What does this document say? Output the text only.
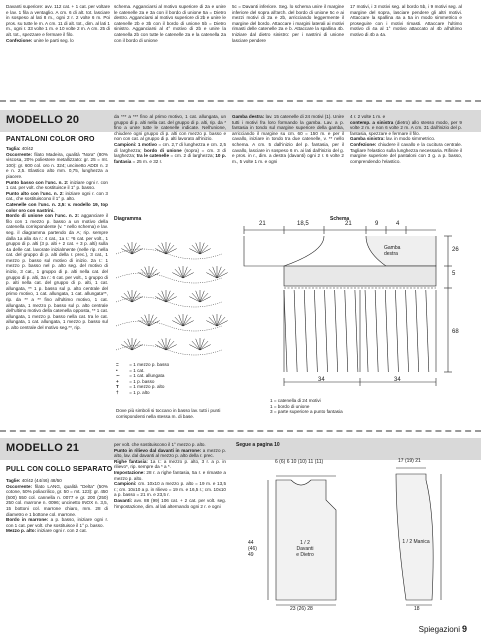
Davanti superiore: avv. 112 cat. + 1 cat. per voltare e lav. 1 fila a ventaglio. A cm. 6 di alt. tot. lasciare in sospeso al lati 8 m., ogni 2 r. 2 volte 6 m. Poi pros. su tutte le m. A cm. 11 di alt. tot., dim. al lati 1 m., ogni r. 33 volte 1 m. e 10 volte 2 m. A cm. 25 di alt. tot., spezzare e fermare il filo.
Confezione: unire le parti seg. lo
schema. Agganciarsi al motivo superiore di 2a e unire le catenelle 2a e 3a con il bordo di unione 5a = Dietro destro. Agganciarsi al motivo superiore di 2b e unire le catenelle 2b e 3b con il bordo di unione 5b = Dietro sinistro. Agganciarsi al 4° motivo di 2b e unire la catenella 2b con tutte le catenelle 2a e la catenella 2a con il bordo di unione
5c = Davanti inferiore. Seg. lo schema unire il margine inferiore del sopra all'arch. del bordo di unione 5c e ai mezzi motivi di 2a e 2b, arricciando leggermente il margine del bordo. Attaccare i margini laterali ai motivi rimasti delle catenelle 2a e b. Attaccare la spallina 4b. Iniziare dal dietro sinistro: per i nastrini di unione lasciare pendere
17 motivi, i 3 motivi seg. al bordo 5b, i 9 motivi seg. al margine del sopra, lasciare pendere gli altri motivi. Attaccare la spallina 4a a 5a in modo simmetrico e proseguire con i motivi rimasti. Attaccare l'ultimo motivo di 4a al 1° motivo attaccato al 4b all'ultimo motivo di 4b a 4a.
MODELLO 20
PANTALONI COLOR ORO
Taglia: 40/42
Occorrente: filato Madeira, qualità "Nora" (80% viscosa, 20% poliestere metallizzato: gr. 25 = mt. 100): gr. 600 col. oro n. 324; uncinetto ADDI n. 2 e n. 2,5. Elastico alto mm. 0,75, lunghezza a piacere.
Punto basso con l'unc. n. 2: iniziare ogni r. con 1 cat. per volt. che sostituisce il 1° p. basso.
Punto alto con l'unc. n. 2: iniziare ogni r. con 3 cat., che sostituiscono il 1° p. alto.
Catenelle con l'unc. n. 2,5: v. modello 19, top color oro con nastrini.
Bordo di unione con l'unc. n. 2: agganciare il filo con 1 mezzo p. basso a un motivo della catenella corrispondente (v. " nello schema) e lav. seg. il diagramma partendo da A; rip. sempre dalla 1a alla 4a r.: 4 cat., 1a r.: *6 cat. per volt., 1 gruppo di p. alti (3 p. alti + 2 cat. + 3 p. alti) sulla 4a delle cat. lavorate inizialmente (nelle rip. nella cat. del gruppo di p. alti della r. prec.), 3 cat., 1 mezzo p. basso sul motivo di inizio. 2a r.: 1 mezzo p. basso nel p. alto seg. del motivo di inizio, 3 cat., 1 gruppo di p. alti nella cat. del gruppo di p. alti, 3a r.: 6 cat. per volt., 1 gruppo di p. alti nella cat. del gruppo di p. alti, 1 cat. allungata, ** 1 p. basso sul p. alto centrale del primo motivo, 1 cat. allungata, 1 cat. allungata**, rip. da ** a ** fino all'ultimo motivo, 1 cat. allungata, 1 mezzo p. basso sul p. alto centrale dell'ultimo motivo della catenella opposta, ** 1 cat. allungata, 1 mezzo p. basso nella cat. tra le cat. allungata, 1 cat. allungata, 1 mezzo p. basso sul p. alto centrale del motivo seg.**, rip.
da *** a *** fino al primo motivo, 1 cat. allungata, un gruppo di p. alti nella cat. del gruppo di p. alti, rip. da * fino a unire tutte le catenelle indicate. Nell'unione, chiudere ogni gruppo di p. alti con mezzo p. basso e non con cat. al gruppo di p. alti lavorato all'inizio.
Campioni: 1 motivo = cm. 2,7 di lunghezza e cm. 2,5 di larghezza; bordo di unione (sopra) = cm. 3 di larghezza; tra le catenelle = cm. 2 di larghezza; 10 p. fantasia = 25 m. e 32 r.
Gamba destra: lav. 15 catenelle di 24 motivi (1). Unire tutti i motivi fra loro formando la gamba. Lav. a p. fantasia in tondo sul margine superiore della gamba, arricciando il margine su cm. 60 = 150 m. e per il cavallo, iniziare in tondo tra due catenelle, v. ** nello schema. A cm. 5 dall'inizio del p. fantasia, per il cavallo, lasciare in sospeso 6 m. ai lati dall'inizio del g. e pros. in r., dim. a destra (davanti) ogni 2 r. 6 volte 2 m., 5 volte 1 m. e ogni
4 r. 2 volte 1 m. e
contemp. a sinistra (dietro) allo stesso modo, per 9 volte 2 m. e non 6 volte 2 m. A cm. 31 dall'inizio del p. fantasia, spezzare e fermare il filo.
Gamba sinistra: lav. in modo simmetrico.
Confezione: chiudere il cavallo e la cucitura centrale. Tagliare l'elastico sulla lunghezza necessaria. Rifinire il margine superiore del pantaloni con 3 g. a p. basso, comprendendo l'elastico.
Diagramma
= = 1 mezzo p. basso
• = 1 cat.
∼ = 1 cat. allungata
+ = 1 p. basso
T = 1 mezzo p. alto
† = 1 p. alto
Dove più simboli si toccano in basso lav. tutti i punti corrispondenti nella stessa m. di base.
Schema
21	18,5	21	9	4
Gamba destra
5
26
68
34	34
1 = catenella di 24 motivi
1 = bordo di unione
3 = parte superiore a punto fantasia
MODELLO 21
PULL CON COLLO SEPARATO
Taglie: 40/42 (44/46) 48/50
Occorrente: filato LANG, qualità "Delta" (50% cotone, 50% poliacrilico, gr. 50 = mt. 123): gr. 450 (500) 550 col. cannella n. 0077 e gr. 200 (250) 250 col. marrone n. 0096; uncinetto INOX n. 3,5, 15 bottoni col. marrone chiaro, mm. 28 di diametro e 1 bottone col. marrone.
Bordo in marrone: a p. basso, iniziare ogni r. con 1 cat. per volt. che sostituisce il 1° p. basso.
Mezzo p. alto: iniziare ogni r. con 2 cat.
per volt. che sostituiscono il 1° mezzo p. alto.
Punto in rilievo dal davanti in marrone: a mezzo p. alto, lav. dal davanti al mezzo p. alto della r. prec.
Righe fantasia: 1a r.: a mezzo p. alto, 3 r. a p. in rilievo*, rip. sempre da * a *.
Impostazione: 28 r. a righe fantasia, 5a r. e rimaste a mezzo p. alto.
Campioni: cm. 10x10 a mezzo p. alto = 19 m. e 13,5 r.; cm. 10x10 a p. in rilievo = 19 m. e 16,5 r.; cm. 10x10 a p. basso = 21 m. e 23,5 r.
Davanti: avv. 88 (99) 106 cat. + 2 cat. per volt. seg. l'impostazione, dim. al lati alternando ogni 2 r. e ogni
Segue a pagina 10
6 (6) 6 10 (10) 11 (11)
44
(46)
49
1 / 2
Davanti
e Dietro
23 (26) 28
17 (19) 21
1 / 2 Manica
18
Spiegazioni 9
